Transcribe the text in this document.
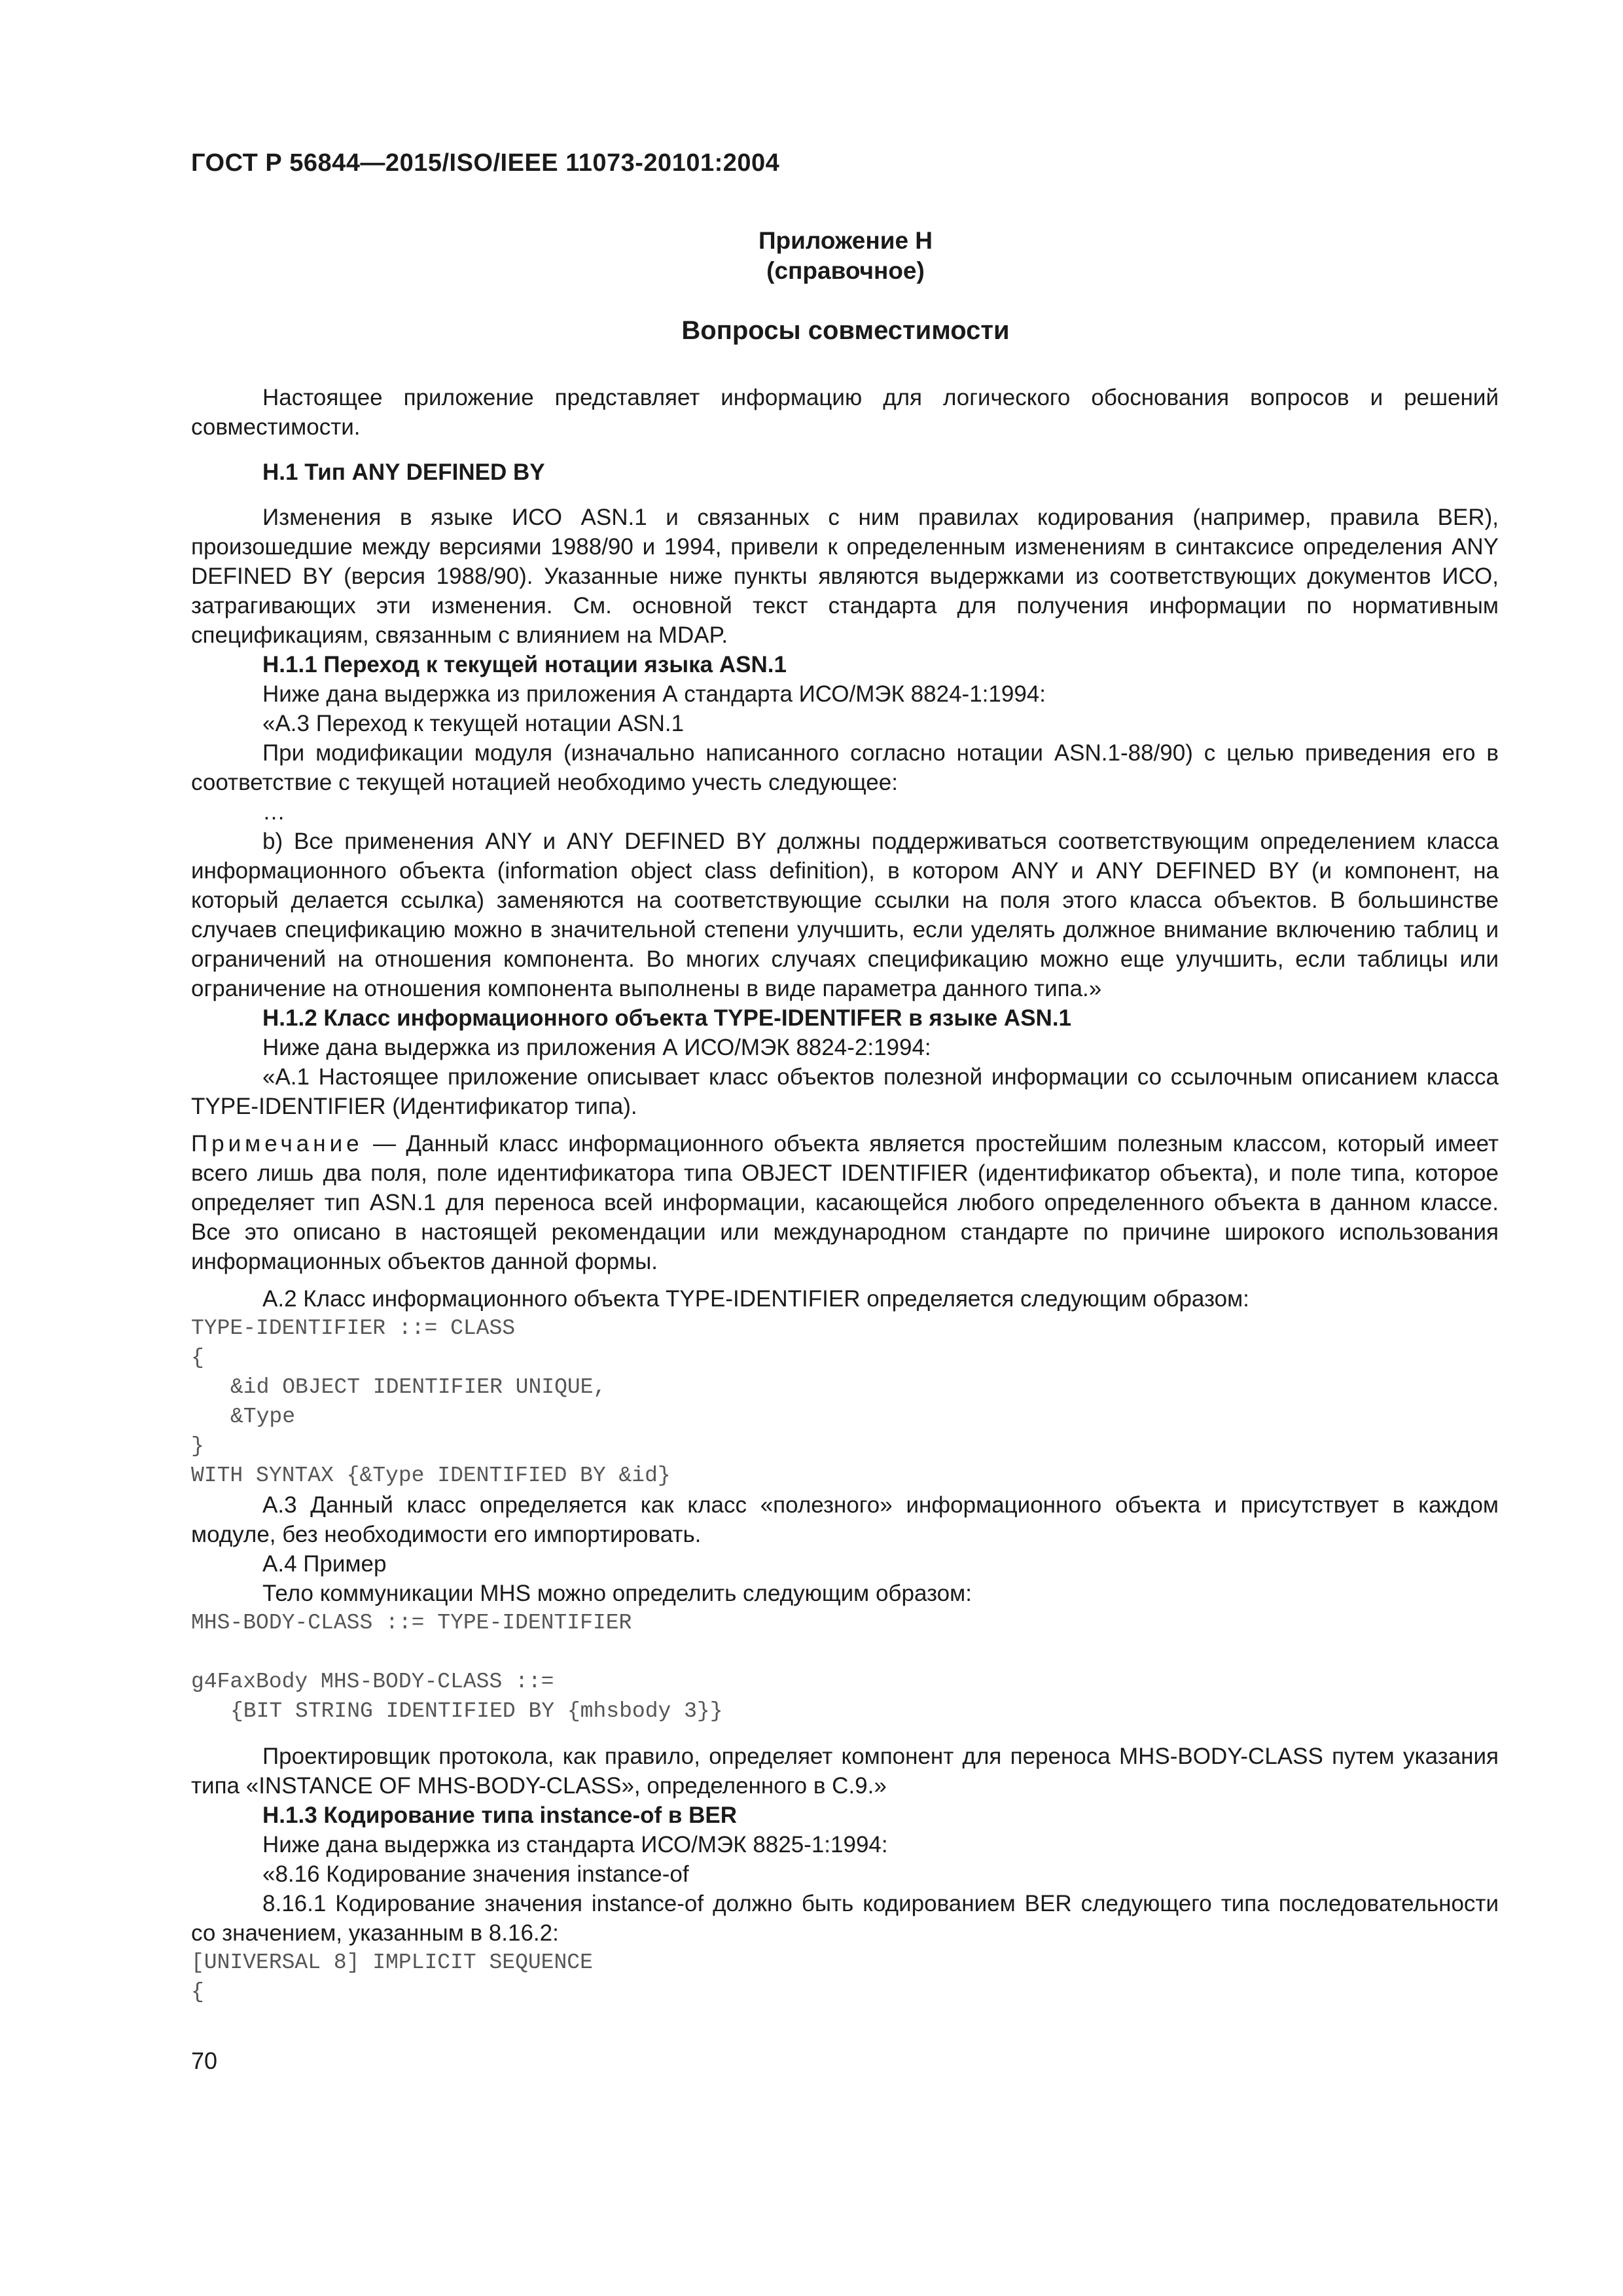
ГОСТ Р 56844—2015/ISO/IEEE 11073-20101:2004
Приложение Н
(справочное)
Вопросы совместимости

Настоящее приложение представляет информацию для логического обоснования вопросов и решений совместимости.

Н.1 Тип ANY DEFINED BY

Изменения в языке ИСО ASN.1 и связанных с ним правилах кодирования (например, правила BER), произошедшие между версиями 1988/90 и 1994, привели к определенным изменениям в синтаксисе определения ANY DEFINED BY (версия 1988/90). Указанные ниже пункты являются выдержками из соответствующих документов ИСО, затрагивающих эти изменения. См. основной текст стандарта для получения информации по нормативным спецификациям, связанным с влиянием на MDAP.

Н.1.1 Переход к текущей нотации языка ASN.1

Ниже дана выдержка из приложения А стандарта ИСО/МЭК 8824-1:1994:

«А.3 Переход к текущей нотации ASN.1

При модификации модуля (изначально написанного согласно нотации ASN.1-88/90) с целью приведения его в соответствие с текущей нотацией необходимо учесть следующее:

…

b) Все применения ANY и ANY DEFINED BY должны поддерживаться соответствующим определением класса информационного объекта (information object class definition), в котором ANY и ANY DEFINED BY (и компонент, на который делается ссылка) заменяются на соответствующие ссылки на поля этого класса объектов. В большинстве случаев спецификацию можно в значительной степени улучшить, если уделять должное внимание включению таблиц и ограничений на отношения компонента. Во многих случаях спецификацию можно еще улучшить, если таблицы или ограничение на отношения компонента выполнены в виде параметра данного типа.»

Н.1.2 Класс информационного объекта TYPE-IDENTIFER в языке ASN.1

Ниже дана выдержка из приложения А ИСО/МЭК 8824-2:1994:

«А.1 Настоящее приложение описывает класс объектов полезной информации со ссылочным описанием класса TYPE-IDENTIFIER (Идентификатор типа).

Примечание — Данный класс информационного объекта является простейшим полезным классом, который имеет всего лишь два поля, поле идентификатора типа OBJECT IDENTIFIER (идентификатор объекта), и поле типа, которое определяет тип ASN.1 для переноса всей информации, касающейся любого определенного объекта в данном классе. Все это описано в настоящей рекомендации или международном стандарте по причине широкого использования информационных объектов данной формы.

А.2 Класс информационного объекта TYPE-IDENTIFIER определяется следующим образом:

TYPE-IDENTIFIER ::= CLASS

{

&id OBJECT IDENTIFIER UNIQUE,

&Type

}

WITH SYNTAX {&Type IDENTIFIED BY &id}

А.3 Данный класс определяется как класс «полезного» информационного объекта и присутствует в каждом модуле, без необходимости его импортировать.

А.4 Пример

Тело коммуникации MHS можно определить следующим образом:

MHS-BODY-CLASS ::= TYPE-IDENTIFIER

g4FaxBody MHS-BODY-CLASS ::=

{BIT STRING IDENTIFIED BY {mhsbody 3}}

Проектировщик протокола, как правило, определяет компонент для переноса MHS-BODY-CLASS путем указания типа «INSTANCE OF MHS-BODY-CLASS», определенного в С.9.»

Н.1.3 Кодирование типа instance-of в BER

Ниже дана выдержка из стандарта ИСО/МЭК 8825-1:1994:

«8.16 Кодирование значения instance-of

8.16.1 Кодирование значения instance-of должно быть кодированием BER следующего типа последовательности со значением, указанным в 8.16.2:

[UNIVERSAL 8] IMPLICIT SEQUENCE

{

70
